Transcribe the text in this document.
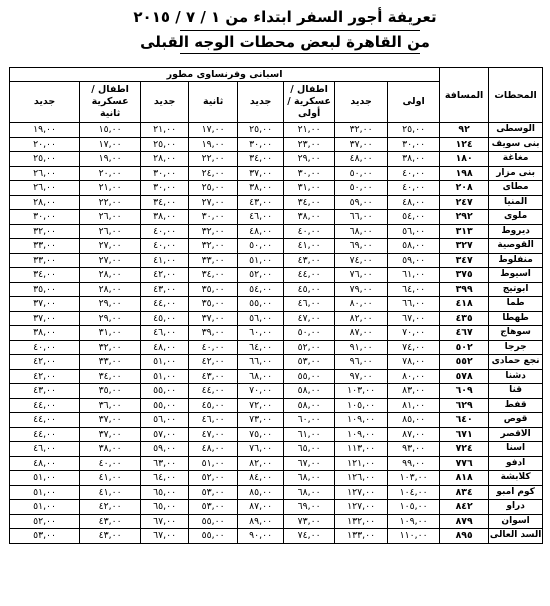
تعريفة أجور السفر ابتداء من ١ / ٧ / ٢٠١٥
من القاهرة لبعض محطات الوجه القبلى
المحطات	المسافة	اسبانى وفرنساوى مطور							
		اولى	جديد	اطفال /عسكرية / أولى	جديد	ثانية	جديد	اطفال /عسكرية ثانية	جديد
الوسطى	٩٢	٢٥,٠٠	٣٢,٠٠	٢١,٠٠	٢٥,٠٠	١٧,٠٠	٢١,٠٠	١٥,٠٠	١٩,٠٠
بنى سويف	١٢٤	٣٠,٠٠	٣٧,٠٠	٢٣,٠٠	٣٠,٠٠	١٩,٠٠	٢٥,٠٠	١٧,٠٠	٢٠,٠٠
مغاغة	١٨٠	٣٨,٠٠	٤٨,٠٠	٢٩,٠٠	٣٤,٠٠	٢٢,٠٠	٢٨,٠٠	١٩,٠٠	٢٥,٠٠
بنى مزار	١٩٨	٤٠,٠٠	٥٠,٠٠	٣٠,٠٠	٣٧,٠٠	٢٤,٠٠	٣٠,٠٠	٢٠,٠٠	٢٦,٠٠
مطاى	٢٠٨	٤٠,٠٠	٥٠,٠٠	٣١,٠٠	٣٨,٠٠	٢٥,٠٠	٣٠,٠٠	٢١,٠٠	٢٦,٠٠
المنيا	٢٤٧	٤٨,٠٠	٥٩,٠٠	٣٤,٠٠	٤٣,٠٠	٢٧,٠٠	٣٤,٠٠	٢٢,٠٠	٢٨,٠٠
ملوى	٢٩٢	٥٤,٠٠	٦٦,٠٠	٣٨,٠٠	٤٦,٠٠	٣٠,٠٠	٣٨,٠٠	٢٦,٠٠	٣٠,٠٠
ديروط	٣١٣	٥٦,٠٠	٦٨,٠٠	٤٠,٠٠	٤٨,٠٠	٣٢,٠٠	٤٠,٠٠	٢٦,٠٠	٣٢,٠٠
القوصية	٣٢٧	٥٨,٠٠	٦٩,٠٠	٤١,٠٠	٥٠,٠٠	٣٢,٠٠	٤٠,٠٠	٢٧,٠٠	٣٣,٠٠
منفلوط	٣٤٧	٥٩,٠٠	٧٤,٠٠	٤٣,٠٠	٥١,٠٠	٣٣,٠٠	٤١,٠٠	٢٧,٠٠	٣٣,٠٠
اسيوط	٣٧٥	٦١,٠٠	٧٦,٠٠	٤٤,٠٠	٥٢,٠٠	٣٤,٠٠	٤٢,٠٠	٢٨,٠٠	٣٤,٠٠
ابوتيج	٣٩٩	٦٤,٠٠	٧٩,٠٠	٤٥,٠٠	٥٤,٠٠	٣٥,٠٠	٤٣,٠٠	٢٨,٠٠	٣٥,٠٠
طما	٤١٨	٦٦,٠٠	٨٠,٠٠	٤٦,٠٠	٥٥,٠٠	٣٥,٠٠	٤٤,٠٠	٢٩,٠٠	٣٧,٠٠
طهطا	٤٣٥	٦٧,٠٠	٨٢,٠٠	٤٧,٠٠	٥٦,٠٠	٣٧,٠٠	٤٥,٠٠	٢٩,٠٠	٣٧,٠٠
سوهاج	٤٦٧	٧٠,٠٠	٨٧,٠٠	٥٠,٠٠	٦٠,٠٠	٣٩,٠٠	٤٦,٠٠	٣١,٠٠	٣٨,٠٠
جرجا	٥٠٢	٧٤,٠٠	٩١,٠٠	٥٢,٠٠	٦٤,٠٠	٤٠,٠٠	٤٨,٠٠	٣٢,٠٠	٤٠,٠٠
نجع حمادى	٥٥٢	٧٨,٠٠	٩٦,٠٠	٥٣,٠٠	٦٦,٠٠	٤٢,٠٠	٥١,٠٠	٣٣,٠٠	٤٢,٠٠
دشنا	٥٧٨	٨٠,٠٠	٩٧,٠٠	٥٥,٠٠	٦٨,٠٠	٤٣,٠٠	٥١,٠٠	٣٤,٠٠	٤٢,٠٠
قنا	٦٠٩	٨٣,٠٠	١٠٣,٠٠	٥٨,٠٠	٧٠,٠٠	٤٤,٠٠	٥٥,٠٠	٣٥,٠٠	٤٣,٠٠
قفط	٦٢٩	٨١,٠٠	١٠٥,٠٠	٥٨,٠٠	٧٢,٠٠	٤٥,٠٠	٥٥,٠٠	٣٦,٠٠	٤٤,٠٠
قوص	٦٤٠	٨٥,٠٠	١٠٩,٠٠	٦٠,٠٠	٧٣,٠٠	٤٦,٠٠	٥٦,٠٠	٣٧,٠٠	٤٤,٠٠
الاقصر	٦٧١	٨٧,٠٠	١٠٩,٠٠	٦١,٠٠	٧٥,٠٠	٤٧,٠٠	٥٧,٠٠	٣٧,٠٠	٤٤,٠٠
اسنا	٧٢٤	٩٣,٠٠	١١٣,٠٠	٦٥,٠٠	٧٦,٠٠	٤٨,٠٠	٥٩,٠٠	٣٨,٠٠	٤٦,٠٠
ادفو	٧٧٦	٩٩,٠٠	١٢١,٠٠	٦٧,٠٠	٨٢,٠٠	٥١,٠٠	٦٣,٠٠	٤٠,٠٠	٤٨,٠٠
كلابشة	٨١٨	١٠٣,٠٠	١٢٦,٠٠	٦٨,٠٠	٨٤,٠٠	٥٢,٠٠	٦٤,٠٠	٤١,٠٠	٥١,٠٠
كوم امبو	٨٣٤	١٠٤,٠٠	١٢٧,٠٠	٦٨,٠٠	٨٥,٠٠	٥٣,٠٠	٦٥,٠٠	٤١,٠٠	٥١,٠٠
دراو	٨٤٢	١٠٥,٠٠	١٢٧,٠٠	٦٩,٠٠	٨٧,٠٠	٥٣,٠٠	٦٥,٠٠	٤٢,٠٠	٥١,٠٠
اسوان	٨٧٩	١٠٩,٠٠	١٣٢,٠٠	٧٣,٠٠	٨٩,٠٠	٥٥,٠٠	٦٧,٠٠	٤٣,٠٠	٥٢,٠٠
السد العالى	٨٩٥	١١٠,٠٠	١٣٣,٠٠	٧٤,٠٠	٩٠,٠٠	٥٥,٠٠	٦٧,٠٠	٤٣,٠٠	٥٣,٠٠
